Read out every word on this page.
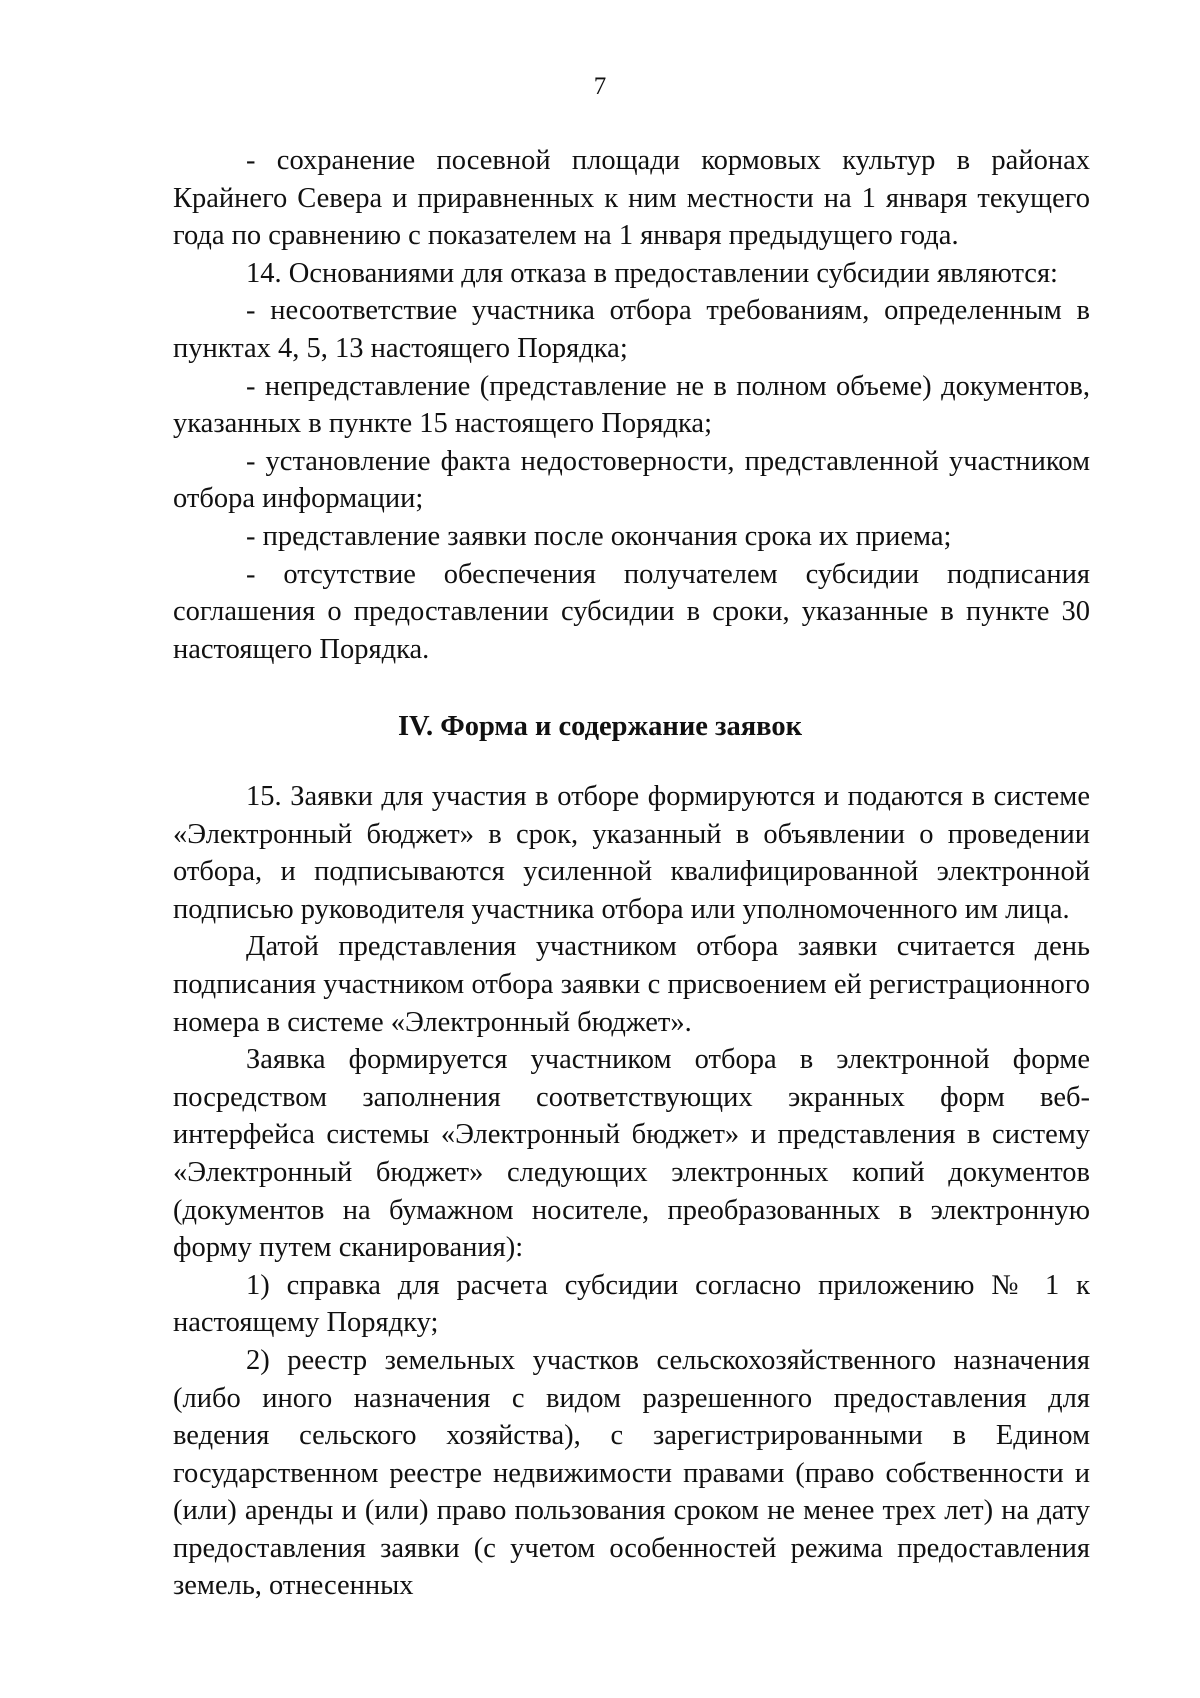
7

- сохранение посевной площади кормовых культур в районах Крайнего Севера и приравненных к ним местности на 1 января текущего года по сравнению с показателем на 1 января предыдущего года.

14. Основаниями для отказа в предоставлении субсидии являются:

- несоответствие участника отбора требованиям, определенным в пунктах 4, 5, 13 настоящего Порядка;

- непредставление (представление не в полном объеме) документов, указанных в пункте 15 настоящего Порядка;

- установление факта недостоверности, представленной участником отбора информации;

- представление заявки после окончания срока их приема;

- отсутствие обеспечения получателем субсидии подписания соглашения о предоставлении субсидии в сроки, указанные в пункте 30 настоящего Порядка.

IV. Форма и содержание заявок

15. Заявки для участия в отборе формируются и подаются в системе «Электронный бюджет» в срок, указанный в объявлении о проведении отбора, и подписываются усиленной квалифицированной электронной подписью руководителя участника отбора или уполномоченного им лица.

Датой представления участником отбора заявки считается день подписания участником отбора заявки с присвоением ей регистрационного номера в системе «Электронный бюджет».

Заявка формируется участником отбора в электронной форме посредством заполнения соответствующих экранных форм веб-интерфейса системы «Электронный бюджет» и представления в систему «Электронный бюджет» следующих электронных копий документов (документов на бумажном носителе, преобразованных в электронную форму путем сканирования):

1) справка для расчета субсидии согласно приложению № 1 к настоящему Порядку;

2) реестр земельных участков сельскохозяйственного назначения (либо иного назначения с видом разрешенного предоставления для ведения сельского хозяйства), с зарегистрированными в Едином государственном реестре недвижимости правами (право собственности и (или) аренды и (или) право пользования сроком не менее трех лет) на дату предоставления заявки (с учетом особенностей режима предоставления земель, отнесенных
